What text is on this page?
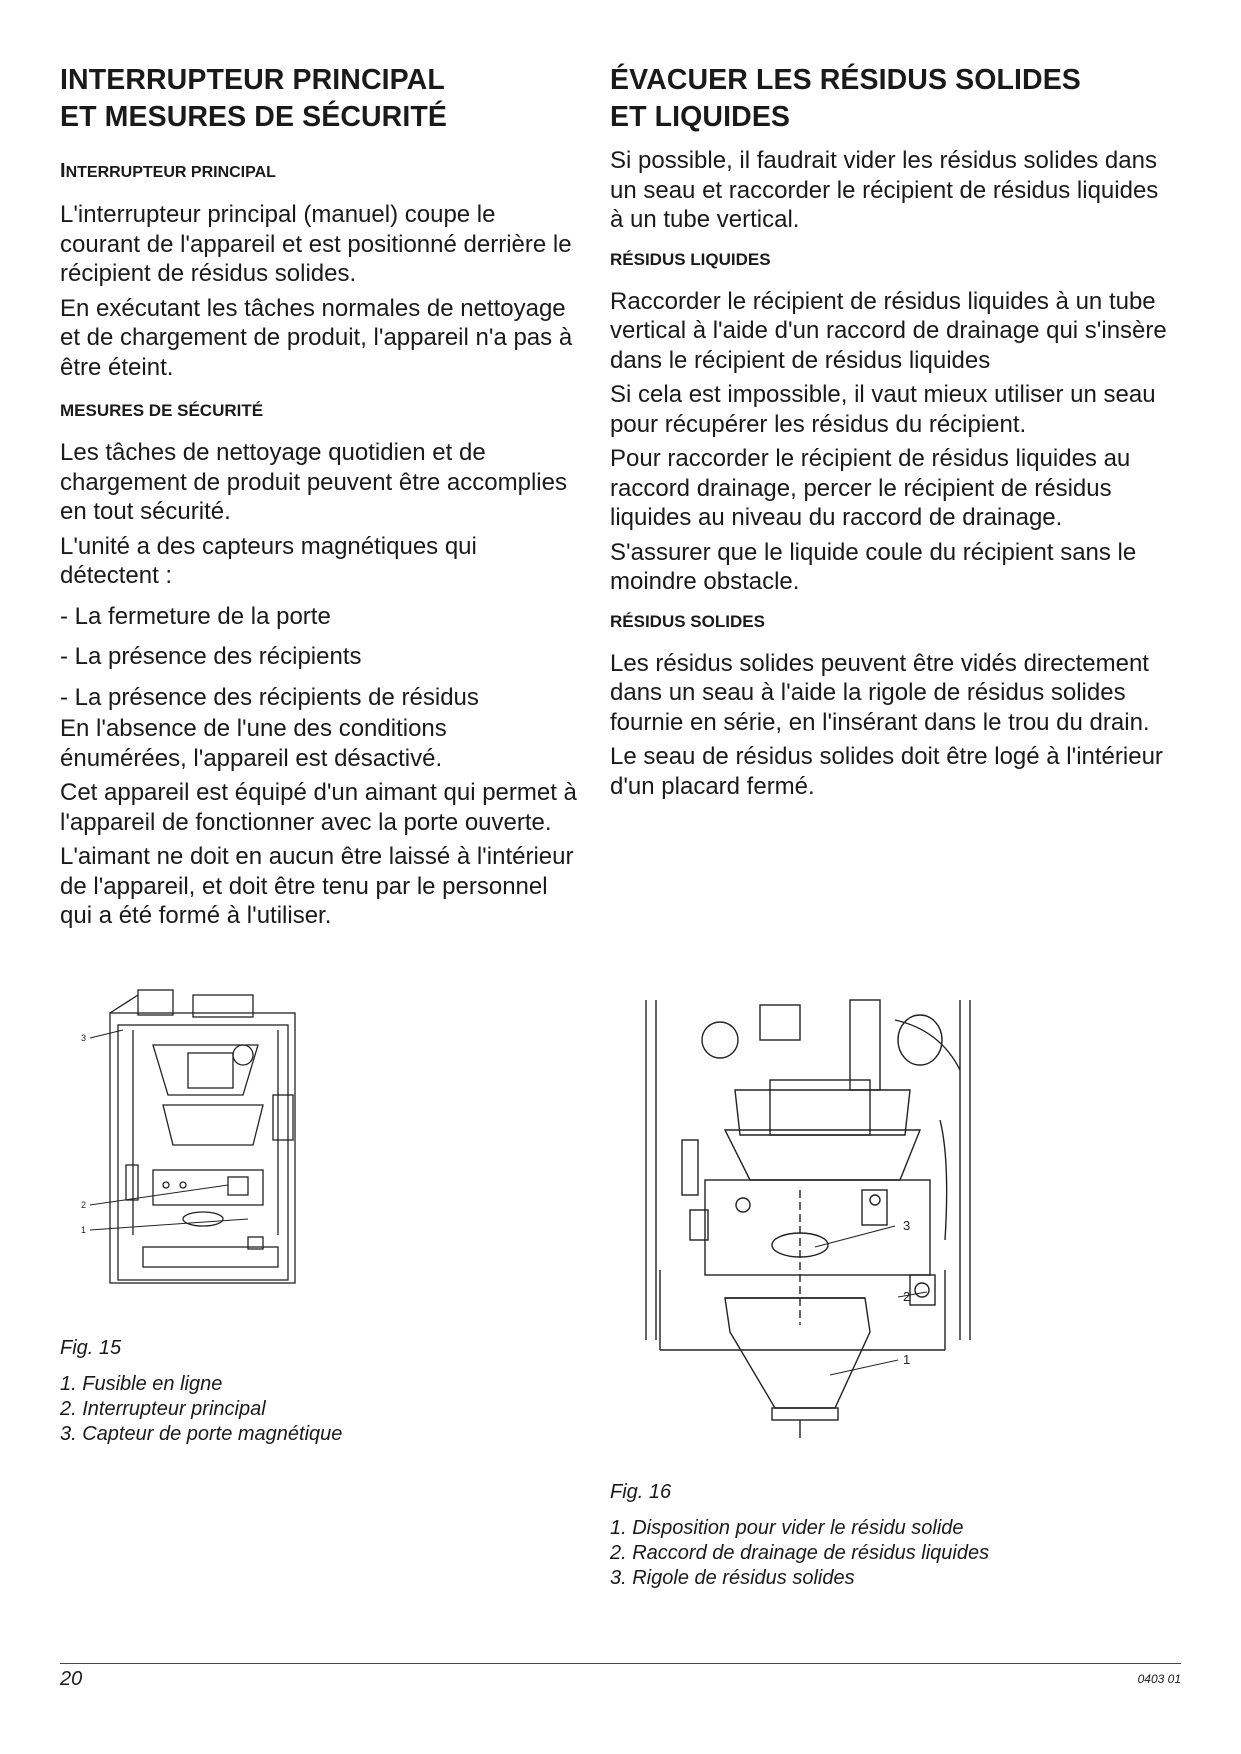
INTERRUPTEUR PRINCIPAL
ET MESURES DE SÉCURITÉ
INTERRUPTEUR PRINCIPAL

L'interrupteur principal (manuel) coupe le courant de l'appareil et est positionné derrière le récipient de résidus solides.

En exécutant les tâches normales de nettoyage et de chargement de produit, l'appareil n'a pas à être éteint.

MESURES DE SÉCURITÉ

Les tâches de nettoyage quotidien et de chargement de produit peuvent être accomplies en tout sécurité.

L'unité a des capteurs magnétiques qui détectent :

- La fermeture de la porte
- La présence des récipients
- La présence des récipients de résidus

En l'absence de l'une des conditions énumérées, l'appareil est désactivé.

Cet appareil est équipé d'un aimant qui permet à l'appareil de fonctionner avec la porte ouverte.

L'aimant ne doit en aucun être laissé à l'intérieur de l'appareil, et doit être tenu par le personnel qui a été formé à l'utiliser.

ÉVACUER LES RÉSIDUS SOLIDES
ET LIQUIDES

Si possible, il faudrait vider les résidus solides dans un seau et raccorder le récipient de résidus liquides à un tube vertical.

RÉSIDUS LIQUIDES

Raccorder le récipient de résidus liquides à un tube vertical à l'aide d'un raccord de drainage qui s'insère dans le récipient de résidus liquides

Si cela est impossible, il vaut mieux utiliser un seau pour récupérer les résidus du récipient.

Pour raccorder le récipient de résidus liquides au raccord drainage, percer le récipient de résidus liquides au niveau du raccord de drainage.

S'assurer que le liquide coule du récipient sans le moindre obstacle.

RÉSIDUS SOLIDES

Les résidus solides peuvent être vidés directement dans un seau à l'aide la rigole de résidus solides fournie en série, en l'insérant dans le trou du drain.

Le seau de résidus solides doit être logé à l'intérieur d'un placard fermé.

3
2
1
Fig. 15
1. Fusible en ligne
2. Interrupteur principal
3. Capteur de porte magnétique
3
2
1
Fig. 16
1. Disposition pour vider le résidu solide
2. Raccord de drainage de résidus liquides
3. Rigole de résidus solides
20	0403 01
